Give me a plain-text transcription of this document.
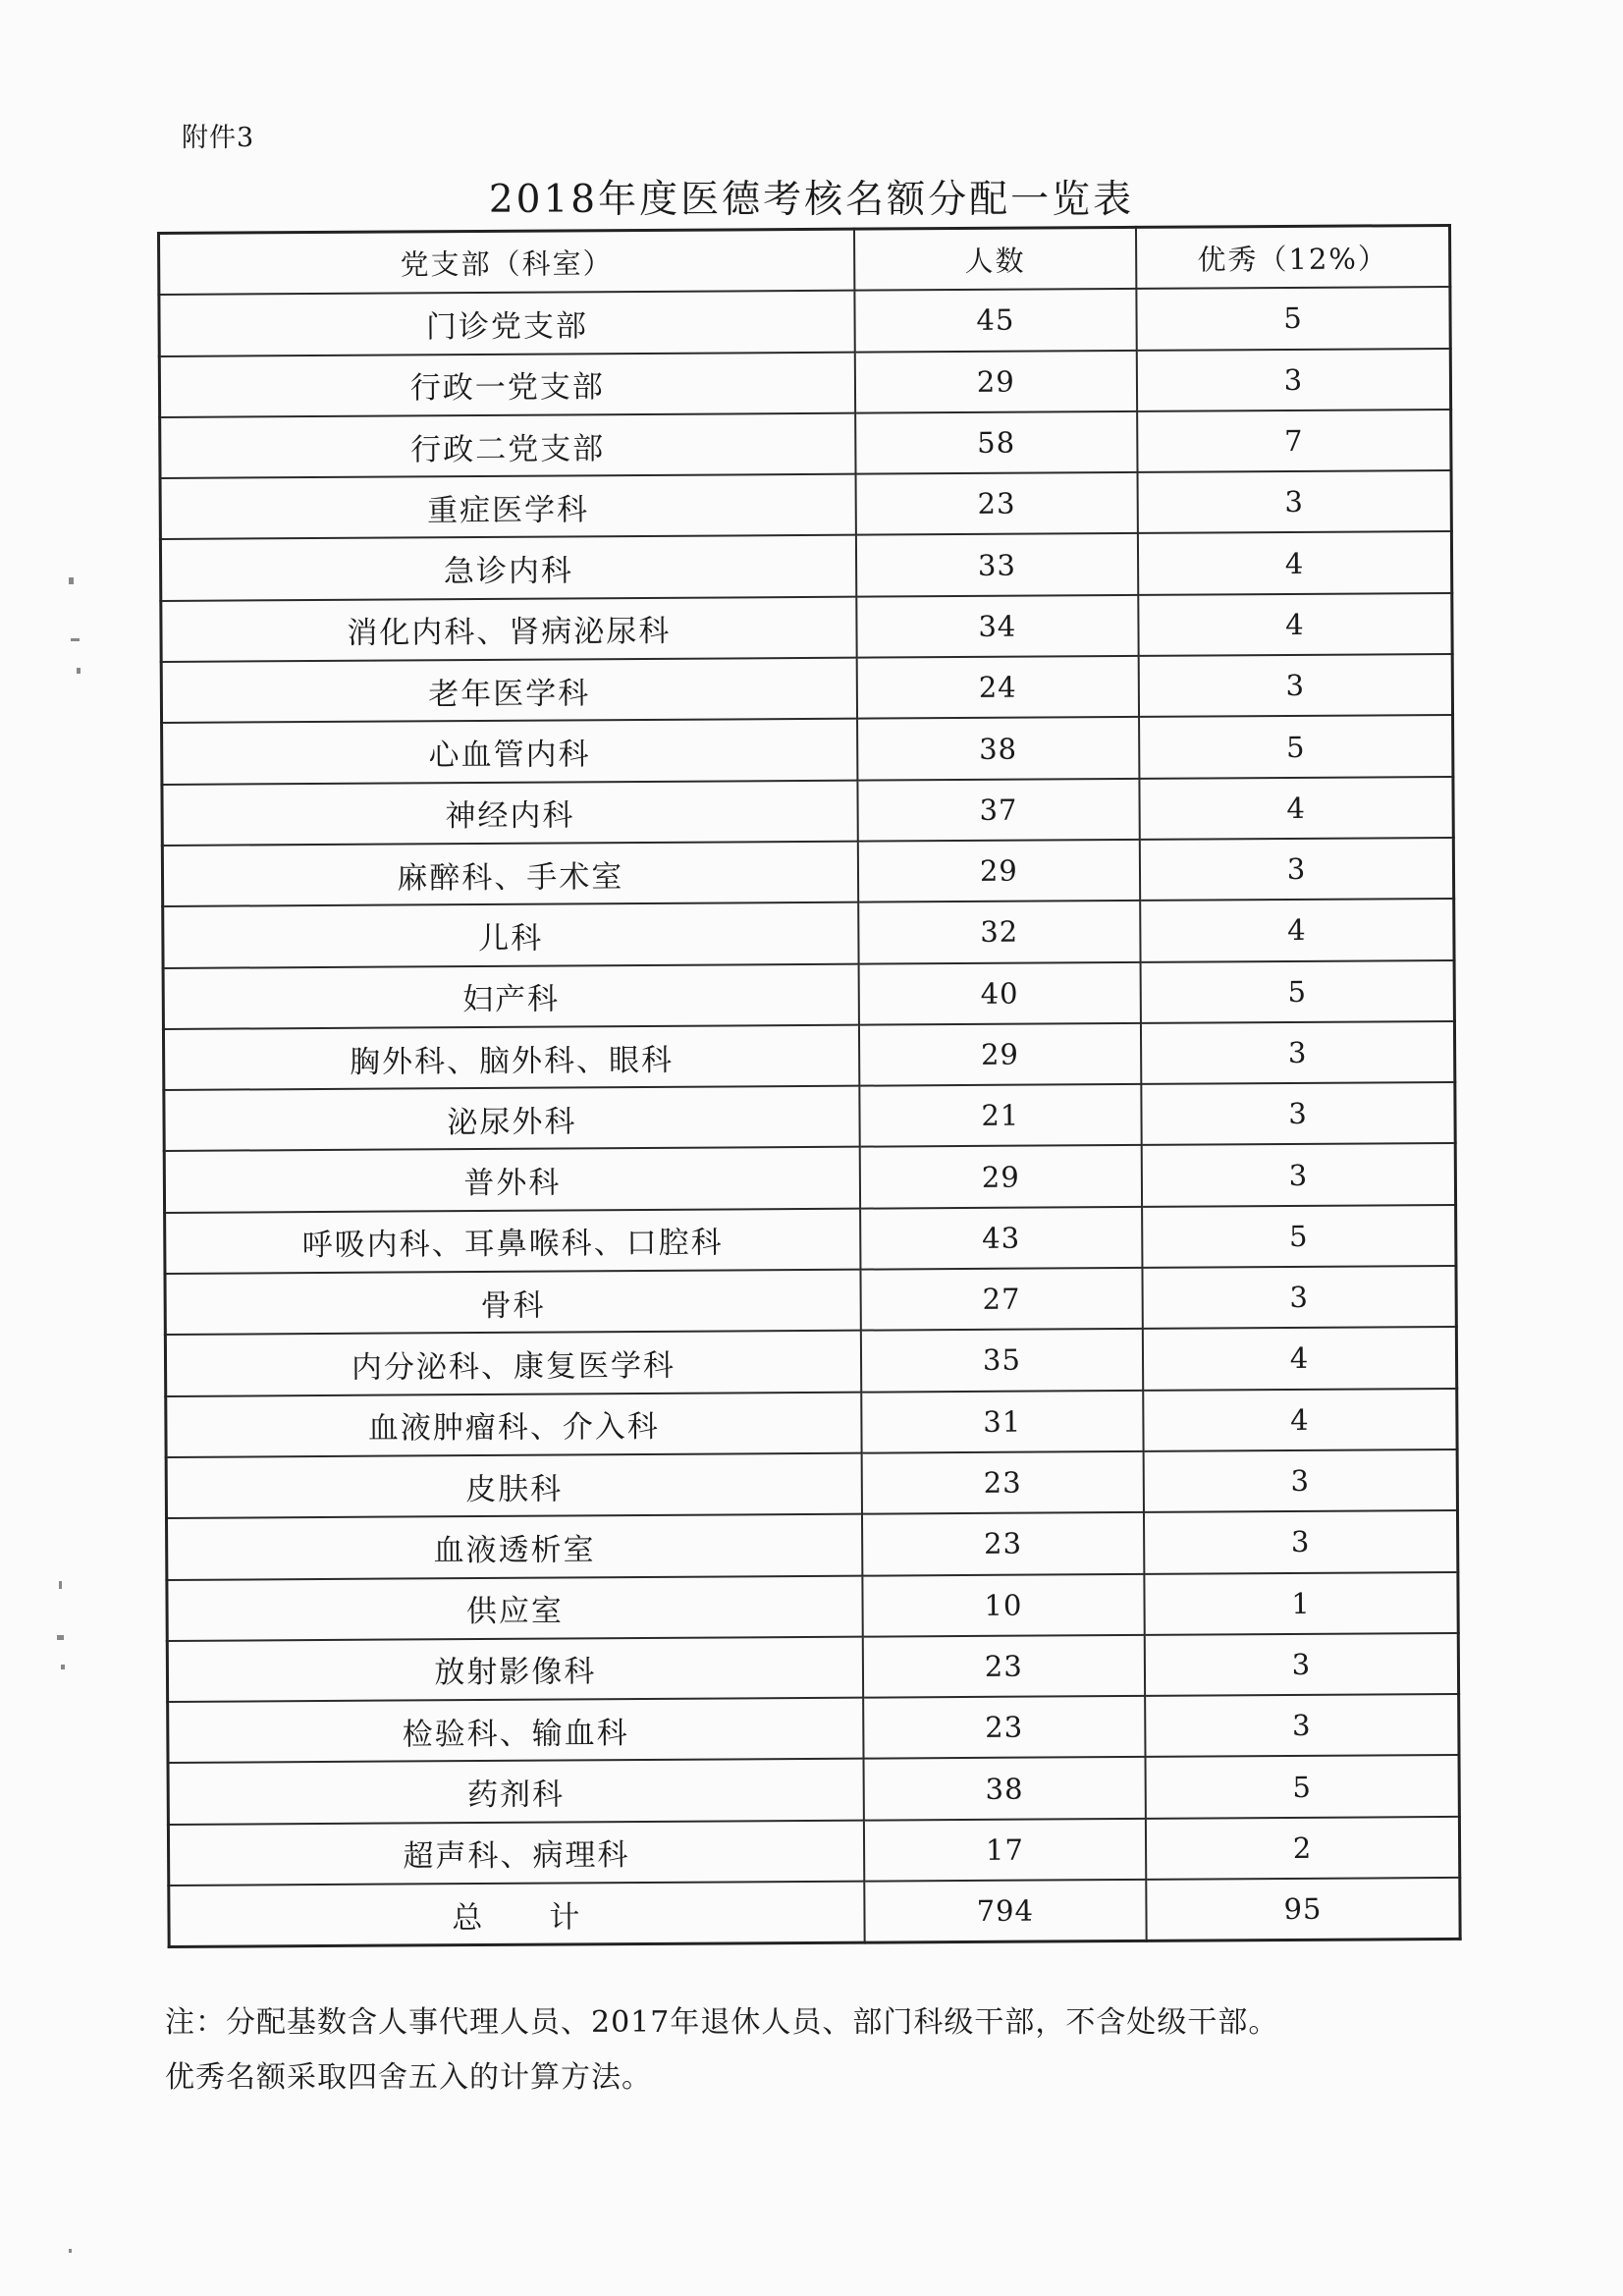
附件3
2018年度医德考核名额分配一览表
党支部（科室）	人数	优秀（12%）
门诊党支部	45	5
行政一党支部	29	3
行政二党支部	58	7
重症医学科	23	3
急诊内科	33	4
消化内科、肾病泌尿科	34	4
老年医学科	24	3
心血管内科	38	5
神经内科	37	4
麻醉科、手术室	29	3
儿科	32	4
妇产科	40	5
胸外科、脑外科、眼科	29	3
泌尿外科	21	3
普外科	29	3
呼吸内科、耳鼻喉科、口腔科	43	5
骨科	27	3
内分泌科、康复医学科	35	4
血液肿瘤科、介入科	31	4
皮肤科	23	3
血液透析室	23	3
供应室	10	1
放射影像科	23	3
检验科、输血科	23	3
药剂科	38	5
超声科、病理科	17	2
总　　计	794	95
注：分配基数含人事代理人员、2017年退休人员、部门科级干部，不含处级干部。
优秀名额采取四舍五入的计算方法。
